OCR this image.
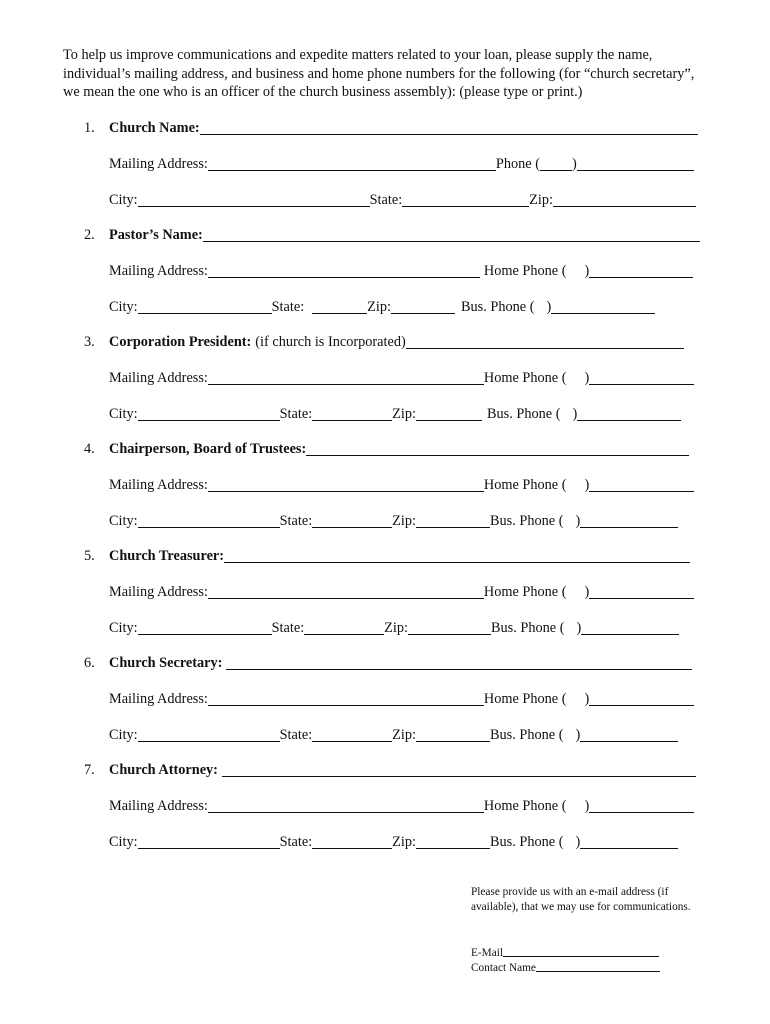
To help us improve communications and expedite matters related to your loan, please supply the name, individual’s mailing address, and business and home phone numbers for the following (for “church secretary”, we mean the one who is an officer of the church business assembly): (please type or print.)
1. Church Name:
Mailing Address:	Phone ( )
City:	State:	Zip:
2. Pastor’s Name:
Mailing Address:	Home Phone ( )
City:	State:	Zip:	Bus. Phone ( )
3. Corporation President: (if church is Incorporated)
Mailing Address:	Home Phone ( )
City:	State:	Zip:	Bus. Phone ( )
4. Chairperson, Board of Trustees:
Mailing Address:	Home Phone ( )
City:	State:	Zip:	Bus. Phone ( )
5. Church Treasurer:
Mailing Address:	Home Phone ( )
City:	State:	Zip:	Bus. Phone ( )
6. Church Secretary:
Mailing Address:	Home Phone ( )
City:	State:	Zip:	Bus. Phone ( )
7. Church Attorney:
Mailing Address:	Home Phone ( )
City:	State:	Zip:	Bus. Phone ( )
Please provide us with an e-mail address (if available), that we may use for communications.
E-Mail
Contact Name
